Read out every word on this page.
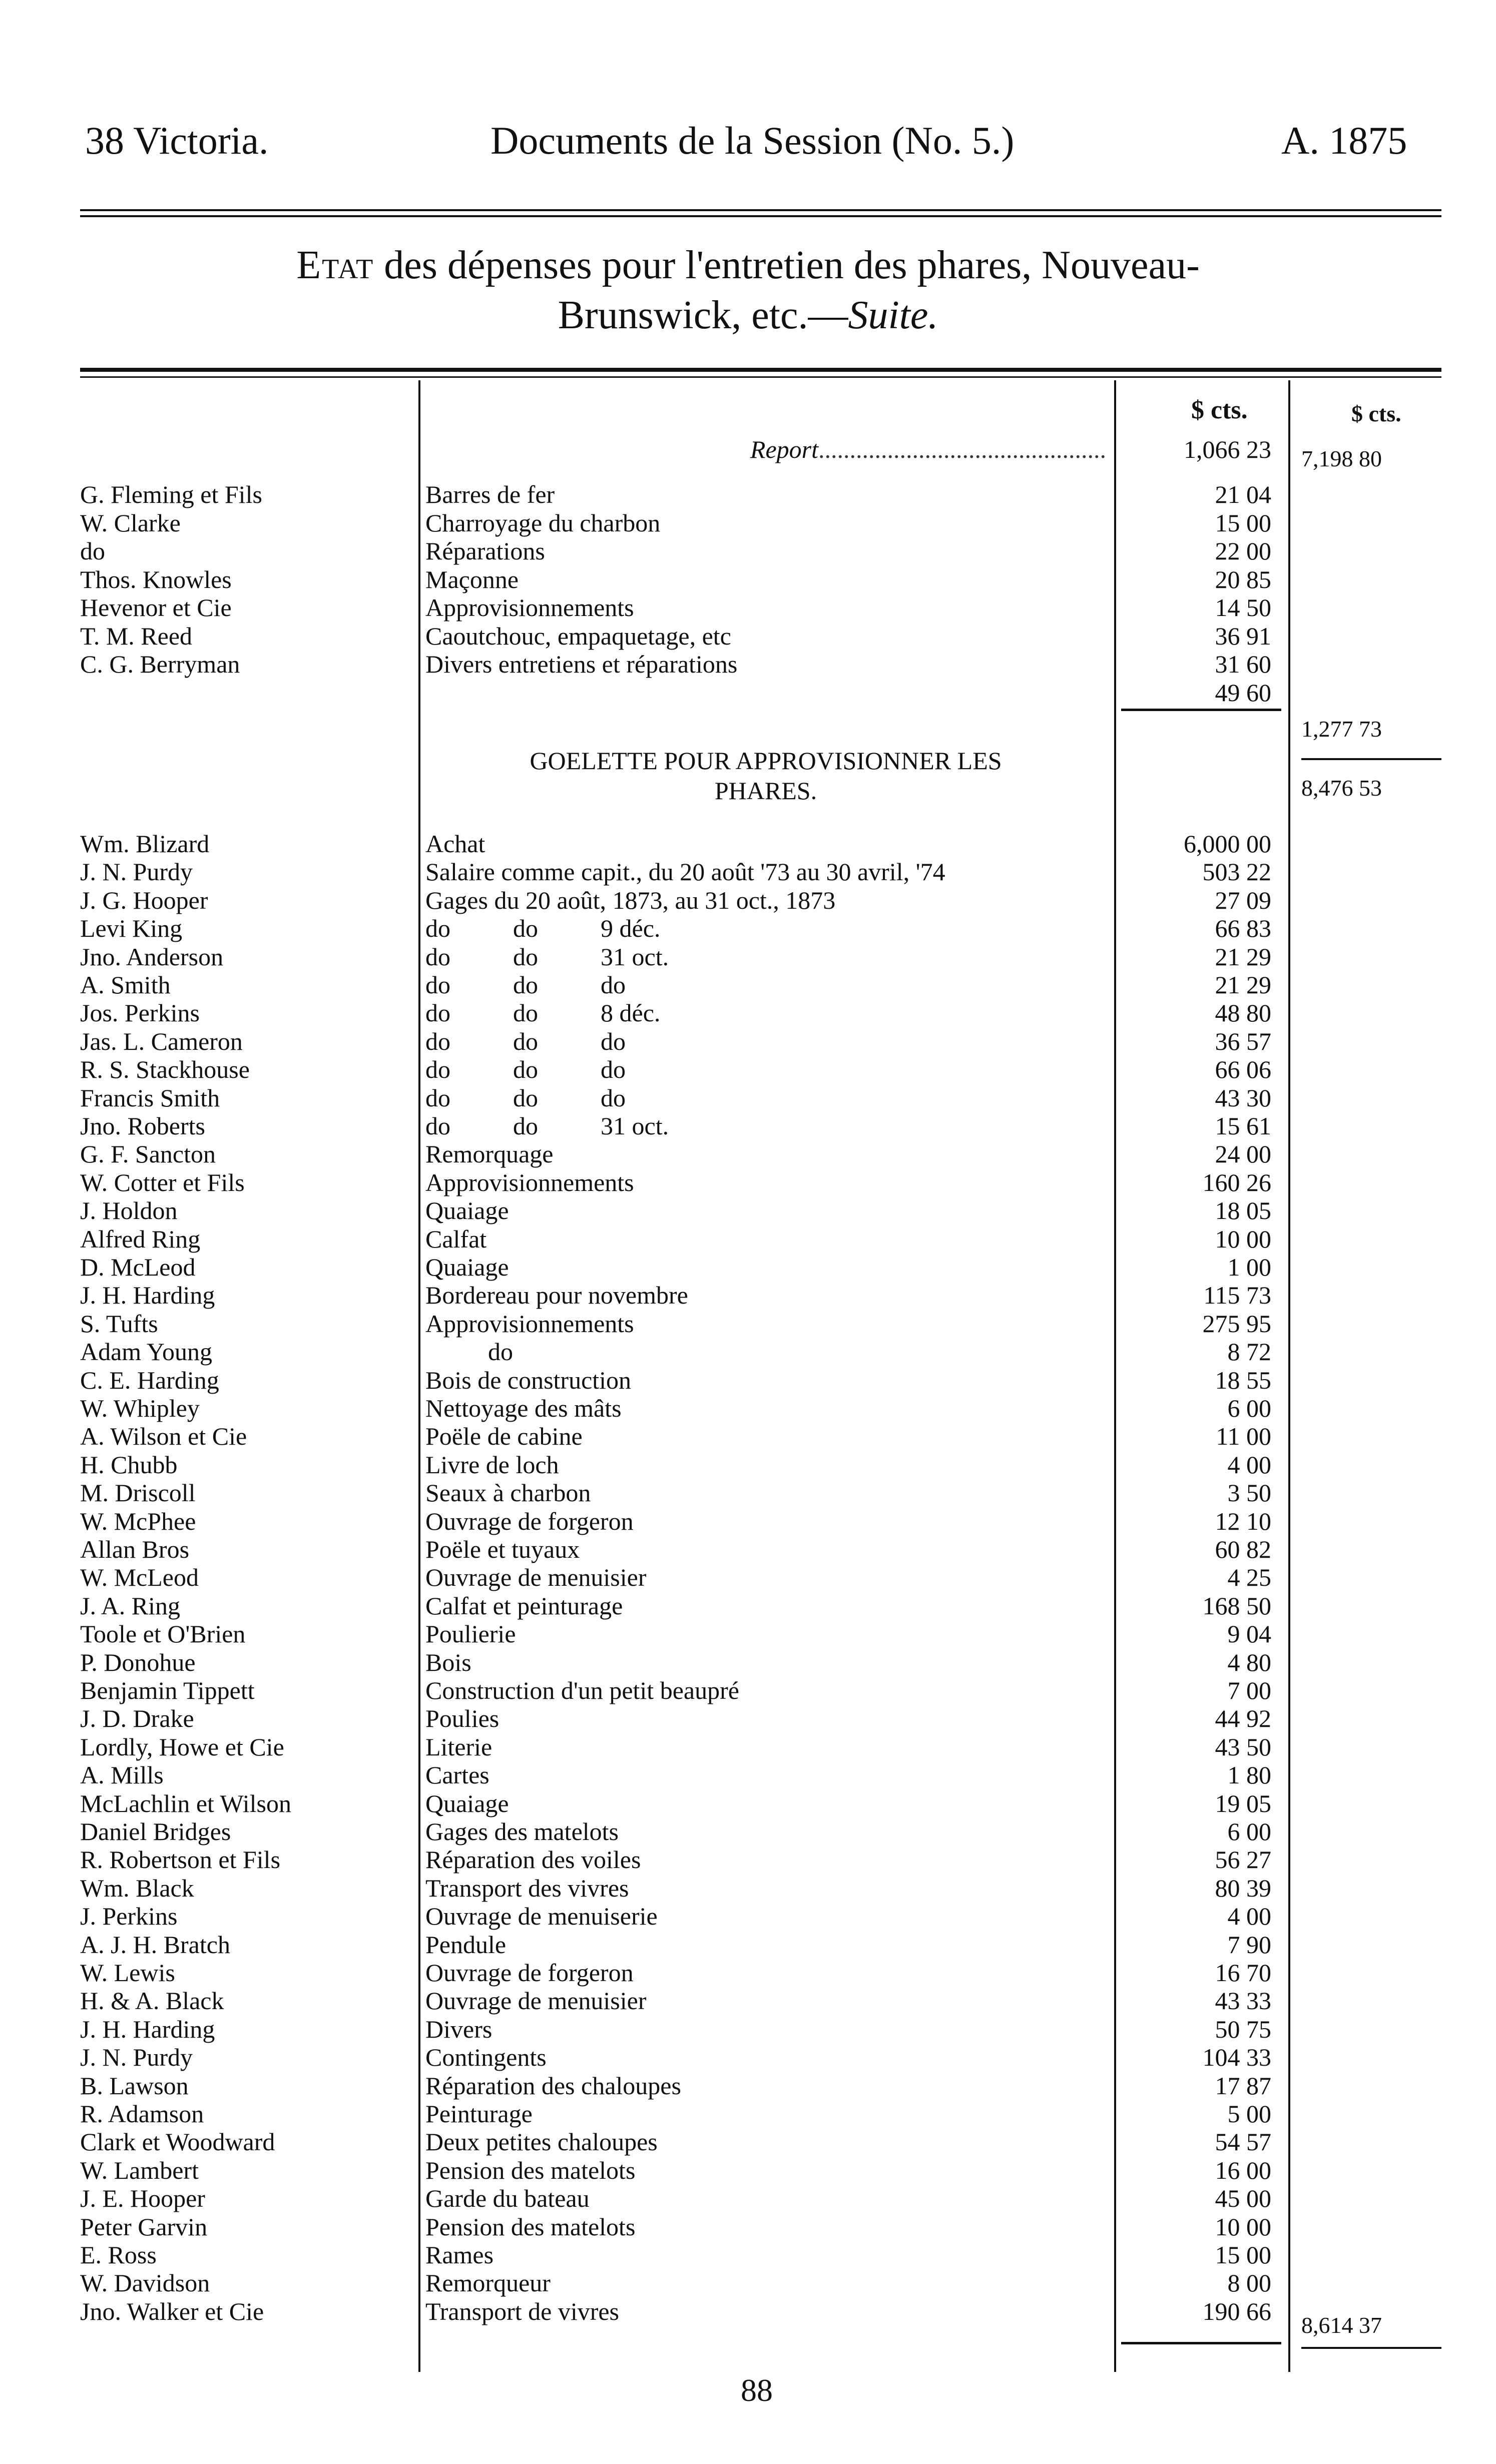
38 Victoria.	Documents de la Session (No. 5.)	A. 1875
Etat des dépenses pour l'entretien des phares, Nouveau-
Brunswick, etc.—Suite.
$ cts.	$ cts.
Report..............................................	1,066 23 7,198 80
G. Fleming et Fils	Barres de fer	21 04
W. Clarke	Charroyage du charbon	15 00
do	Réparations	22 00
Thos. Knowles	Maçonne	20 85
Hevenor et Cie	Approvisionnements	14 50
T. M. Reed	Caoutchouc, empaquetage, etc	36 91
C. G. Berryman	Divers entretiens et réparations	31 60
49 60
1,277 73
8,476 53
GOELETTE POUR APPROVISIONNER LES
PHARES.
Wm. Blizard	Achat	6,000 00
J. N. Purdy	Salaire comme capit., du 20 août '73 au 30 avril, '74	503 22
J. G. Hooper	Gages du 20 août, 1873, au 31 oct., 1873	27 09
Levi King	do          do          9 déc.	66 83
Jno. Anderson	do          do          31 oct.	21 29
A. Smith	do          do          do	21 29
Jos. Perkins	do          do          8 déc.	48 80
Jas. L. Cameron	do          do          do	36 57
R. S. Stackhouse	do          do          do	66 06
Francis Smith	do          do          do	43 30
Jno. Roberts	do          do          31 oct.	15 61
G. F. Sancton	Remorquage	24 00
W. Cotter et Fils	Approvisionnements	160 26
J. Holdon	Quaiage	18 05
Alfred Ring	Calfat	10 00
D. McLeod	Quaiage	1 00
J. H. Harding	Bordereau pour novembre	115 73
S. Tufts	Approvisionnements	275 95
Adam Young	do	8 72
C. E. Harding	Bois de construction	18 55
W. Whipley	Nettoyage des mâts	6 00
A. Wilson et Cie	Poële de cabine	11 00
H. Chubb	Livre de loch	4 00
M. Driscoll	Seaux à charbon	3 50
W. McPhee	Ouvrage de forgeron	12 10
Allan Bros	Poële et tuyaux	60 82
W. McLeod	Ouvrage de menuisier	4 25
J. A. Ring	Calfat et peinturage	168 50
Toole et O'Brien	Poulierie	9 04
P. Donohue	Bois	4 80
Benjamin Tippett	Construction d'un petit beaupré	7 00
J. D. Drake	Poulies	44 92
Lordly, Howe et Cie	Literie	43 50
A. Mills	Cartes	1 80
McLachlin et Wilson	Quaiage	19 05
Daniel Bridges	Gages des matelots	6 00
R. Robertson et Fils	Réparation des voiles	56 27
Wm. Black	Transport des vivres	80 39
J. Perkins	Ouvrage de menuiserie	4 00
A. J. H. Bratch	Pendule	7 90
W. Lewis	Ouvrage de forgeron	16 70
H. & A. Black	Ouvrage de menuisier	43 33
J. H. Harding	Divers	50 75
J. N. Purdy	Contingents	104 33
B. Lawson	Réparation des chaloupes	17 87
R. Adamson	Peinturage	5 00
Clark et Woodward	Deux petites chaloupes	54 57
W. Lambert	Pension des matelots	16 00
J. E. Hooper	Garde du bateau	45 00
Peter Garvin	Pension des matelots	10 00
E. Ross	Rames	15 00
W. Davidson	Remorqueur	8 00
Jno. Walker et Cie	Transport de vivres	190 66 8,614 37
88
